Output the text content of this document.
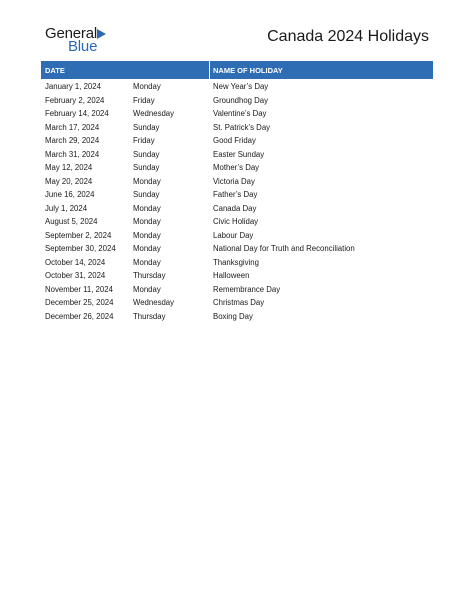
General
Blue
Canada 2024 Holidays
DATE	NAME OF HOLIDAY
January 1, 2024	Monday	New Year’s Day
February 2, 2024	Friday	Groundhog Day
February 14, 2024	Wednesday	Valentine’s Day
March 17, 2024	Sunday	St. Patrick’s Day
March 29, 2024	Friday	Good Friday
March 31, 2024	Sunday	Easter Sunday
May 12, 2024	Sunday	Mother’s Day
May 20, 2024	Monday	Victoria Day
June 16, 2024	Sunday	Father’s Day
July 1, 2024	Monday	Canada Day
August 5, 2024	Monday	Civic Holiday
September 2, 2024	Monday	Labour Day
September 30, 2024 Monday	National Day for Truth and Reconciliation
October 14, 2024	Monday	Thanksgiving
October 31, 2024	Thursday	Halloween
November 11, 2024	Monday	Remembrance Day
December 25, 2024	Wednesday	Christmas Day
December 26, 2024	Thursday	Boxing Day
